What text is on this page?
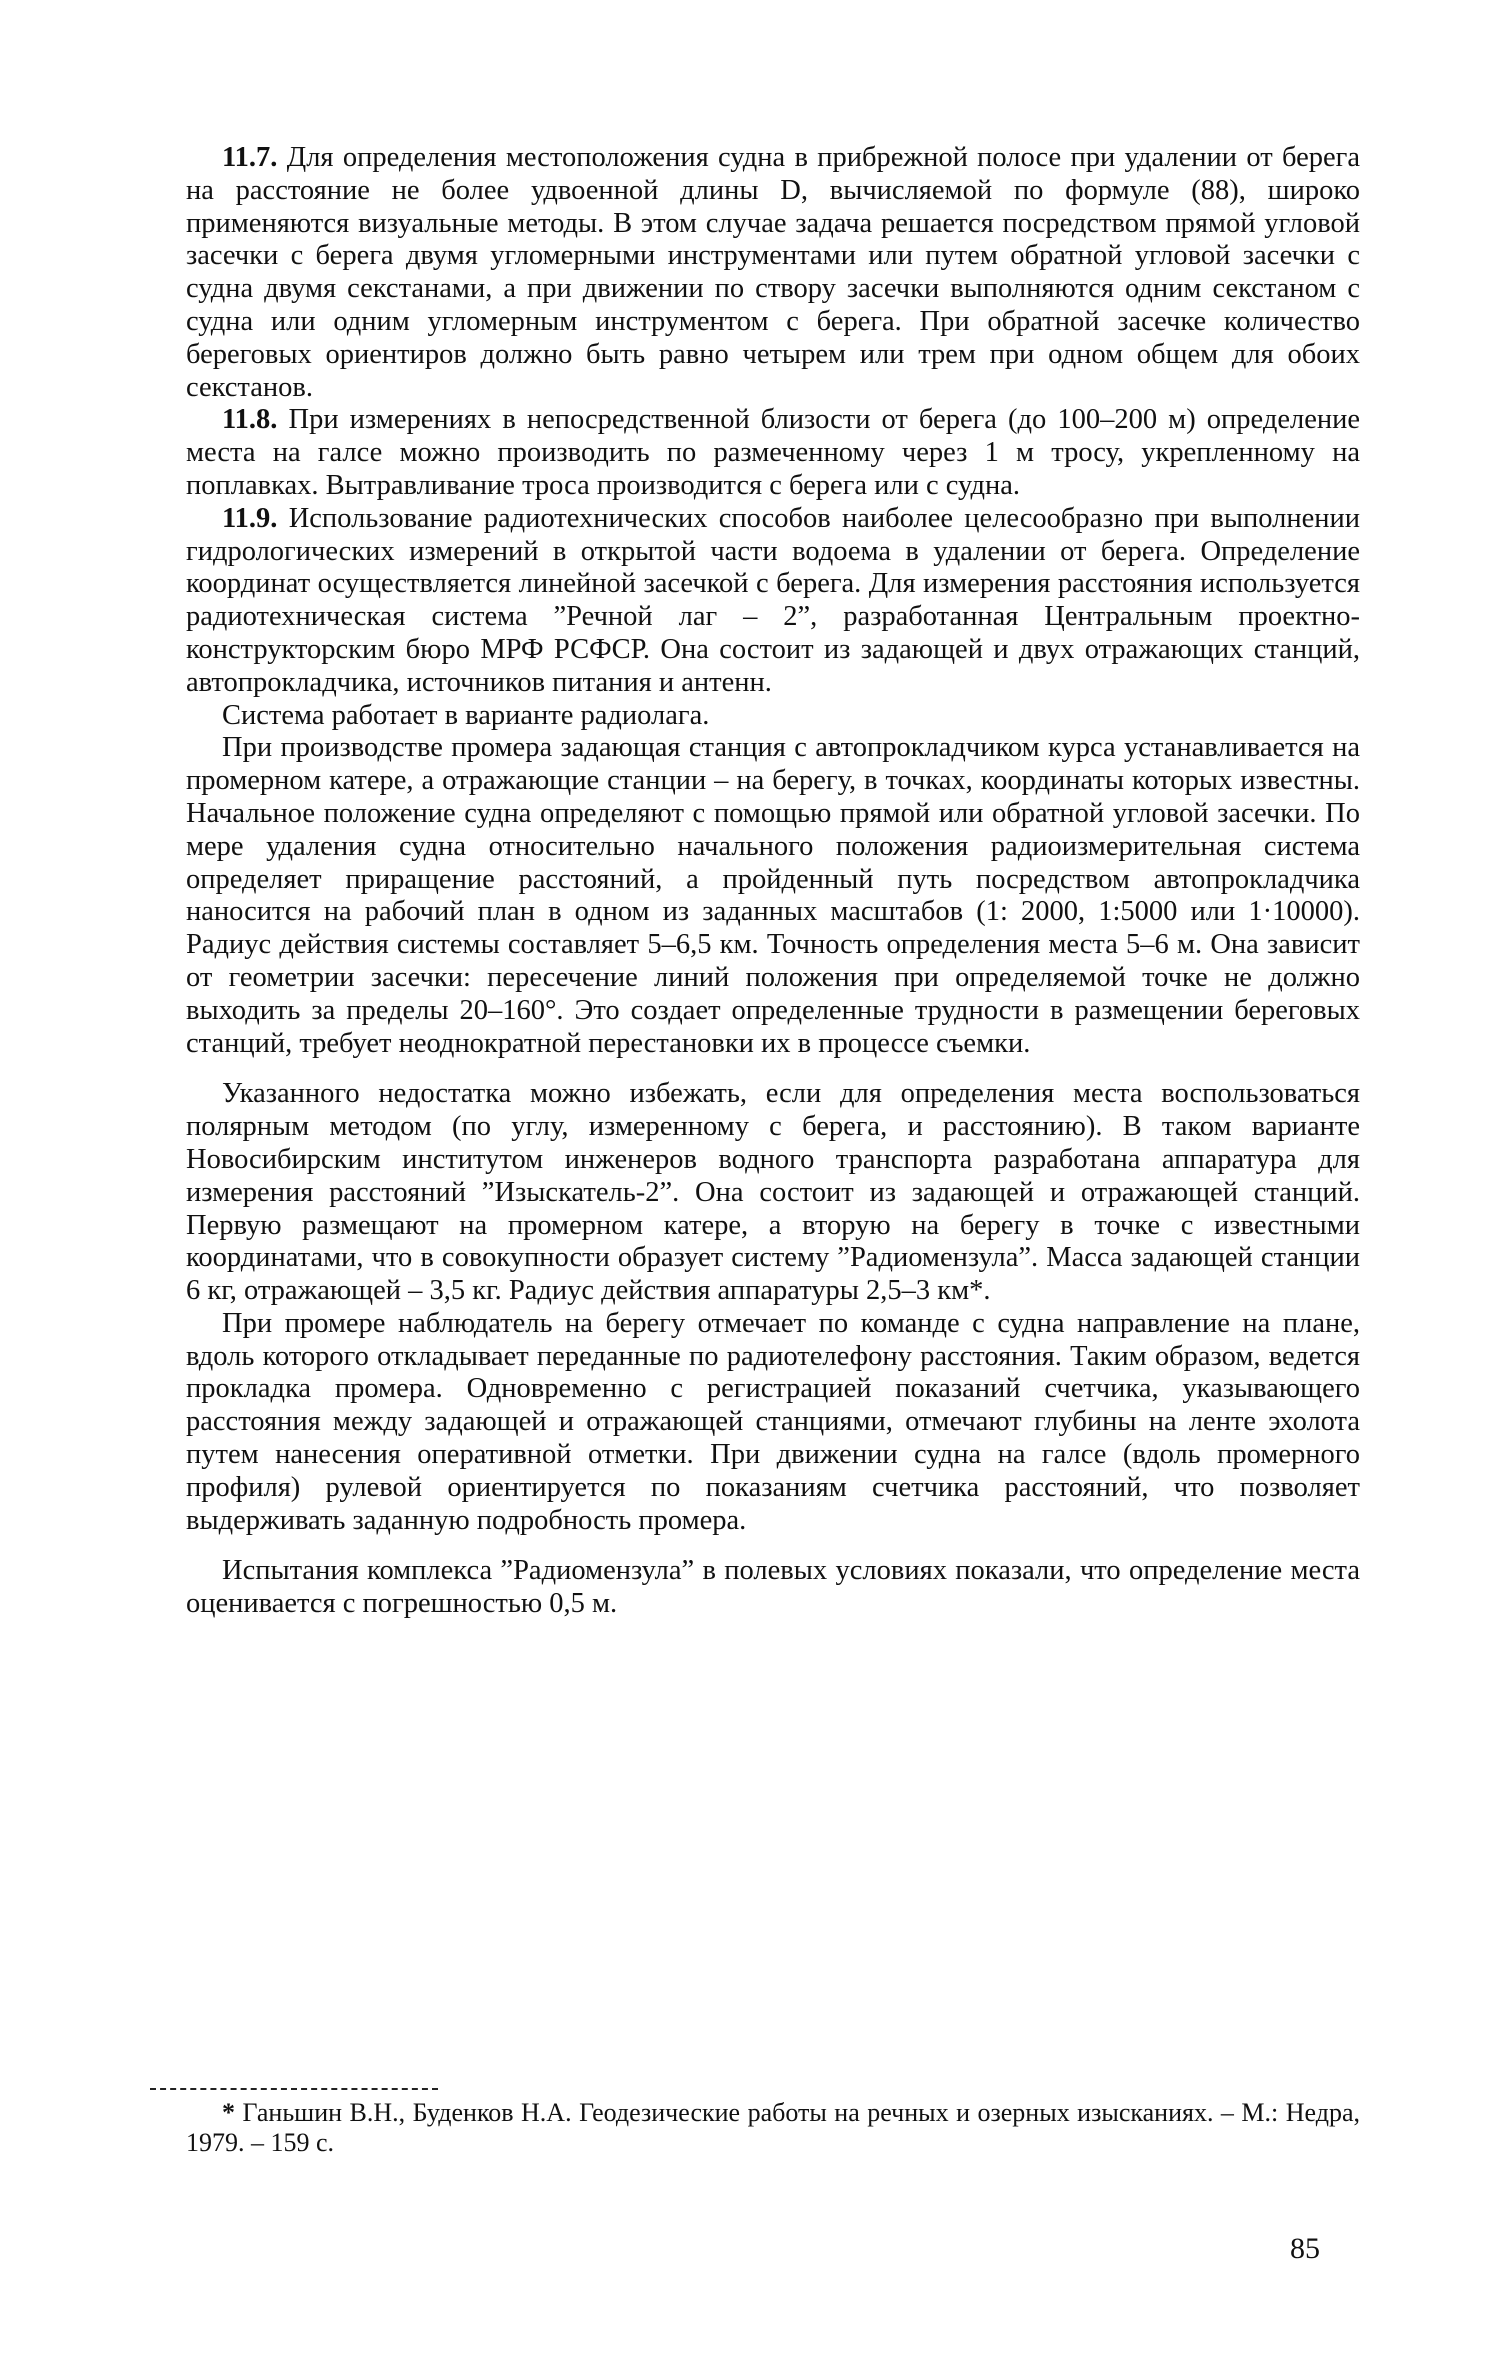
11.7. Для определения местоположения судна в прибрежной полосе при удалении от берега на расстояние не более удвоенной длины D, вычисляемой по формуле (88), широко применяются визуальные методы. В этом случае задача решается посредством прямой угловой засечки с берега двумя угломерными инструментами или путем обратной угловой засечки с судна двумя секстанами, а при движении по створу засечки выполняются одним секстаном с судна или одним угломерным инструментом с берега. При обратной засечке количество береговых ориентиров должно быть равно четырем или трем при одном общем для обоих секстанов.

11.8. При измерениях в непосредственной близости от берега (до 100–200 м) определение места на галсе можно производить по размеченному через 1 м тросу, укрепленному на поплавках. Вытравливание троса производится с берега или с судна.

11.9. Использование радиотехнических способов наиболее целесообразно при выполнении гидрологических измерений в открытой части водоема в удалении от берега. Определение координат осуществляется линейной засечкой с берега. Для измерения расстояния используется радиотехническая система ”Речной лаг – 2”, разработанная Центральным проектно-конструкторским бюро МРФ РСФСР. Она состоит из задающей и двух отражающих станций, автопрокладчика, источников питания и антенн.

Система работает в варианте радиолага.

При производстве промера задающая станция с автопрокладчиком курса устанавливается на промерном катере, а отражающие станции – на берегу, в точках, координаты которых известны. Начальное положение судна определяют с помощью прямой или обратной угловой засечки. По мере удаления судна относительно начального положения радиоизмерительная система определяет приращение расстояний, а пройденный путь посредством автопрокладчика наносится на рабочий план в одном из заданных масштабов (1: 2000, 1:5000 или 1·10000). Радиус действия системы составляет 5–6,5 км. Точность определения места 5–6 м. Она зависит от геометрии засечки: пересечение линий положения при определяемой точке не должно выходить за пределы 20–160°. Это создает определенные трудности в размещении береговых станций, требует неоднократной перестановки их в процессе съемки.

Указанного недостатка можно избежать, если для определения места воспользоваться полярным методом (по углу, измеренному с берега, и расстоянию). В таком варианте Новосибирским институтом инженеров водного транспорта разработана аппаратура для измерения расстояний ”Изыскатель-2”. Она состоит из задающей и отражающей станций. Первую размещают на промерном катере, а вторую на берегу в точке с известными координатами, что в совокупности образует систему ”Радиомензула”. Масса задающей станции 6 кг, отражающей – 3,5 кг. Радиус действия аппаратуры 2,5–3 км*.

При промере наблюдатель на берегу отмечает по команде с судна направление на плане, вдоль которого откладывает переданные по радиотелефону расстояния. Таким образом, ведется прокладка промера. Одновременно с регистрацией показаний счетчика, указывающего расстояния между задающей и отражающей станциями, отмечают глубины на ленте эхолота путем нанесения оперативной отметки. При движении судна на галсе (вдоль промерного профиля) рулевой ориентируется по показаниям счетчика расстояний, что позволяет выдерживать заданную подробность промера.

Испытания комплекса ”Радиомензула” в полевых условиях показали, что определение места оценивается с погрешностью 0,5 м.

* Ганьшин В.Н., Буденков Н.А. Геодезические работы на речных и озерных изысканиях. – М.: Недра, 1979. – 159 с.
85
